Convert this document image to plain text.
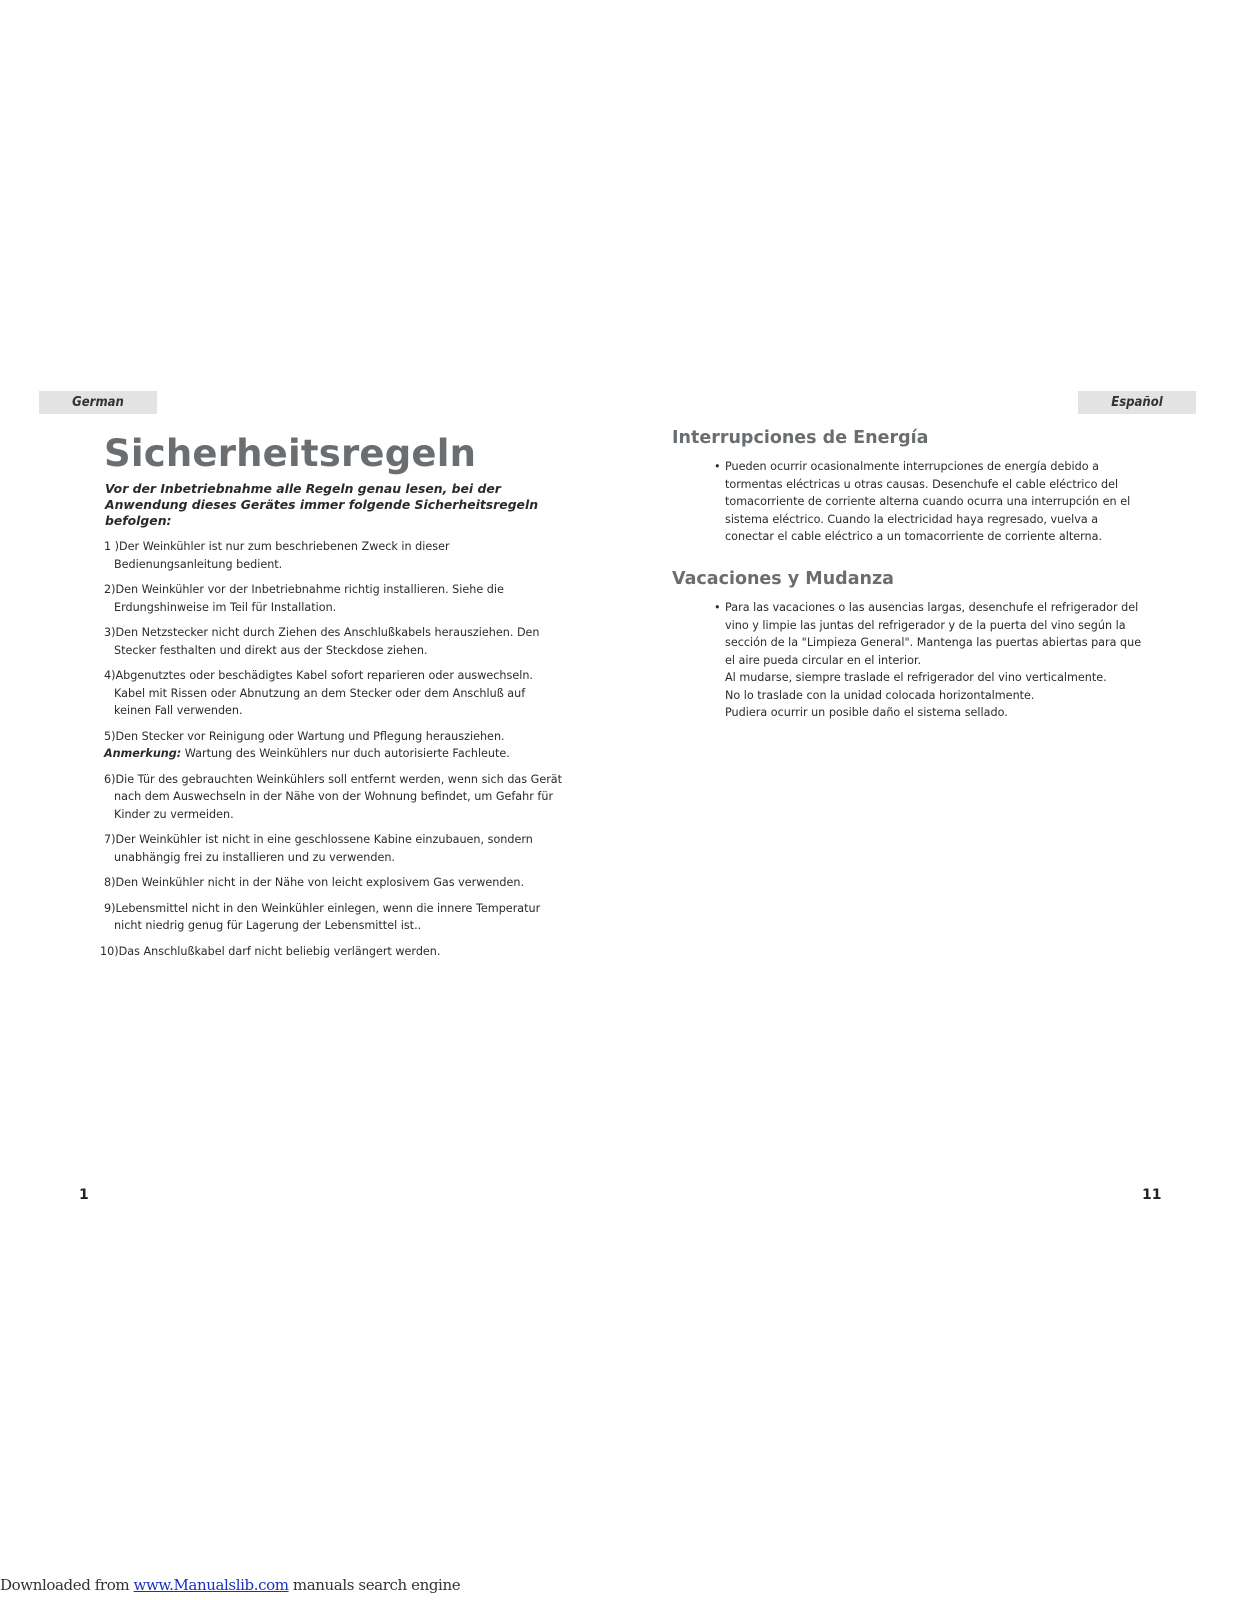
German	Español
Sicherheitsregeln

Vor der Inbetriebnahme alle Regeln genau lesen, bei der Anwendung dieses Gerätes immer folgende Sicherheitsregeln befolgen:

1 )Der Weinkühler ist nur zum beschriebenen Zweck in dieser Bedienungsanleitung bedient.
2)Den Weinkühler vor der Inbetriebnahme richtig installieren. Siehe die Erdungshinweise im Teil für Installation.
3)Den Netzstecker nicht durch Ziehen des Anschlußkabels herausziehen. Den Stecker festhalten und direkt aus der Steckdose ziehen.
4)Abgenutztes oder beschädigtes Kabel sofort reparieren oder auswechseln. Kabel mit Rissen oder Abnutzung an dem Stecker oder dem Anschluß auf keinen Fall verwenden.
5)Den Stecker vor Reinigung oder Wartung und Pflegung herausziehen.
Anmerkung: Wartung des Weinkühlers nur duch autorisierte Fachleute.
6)Die Tür des gebrauchten Weinkühlers soll entfernt werden, wenn sich das Gerät nach dem Auswechseln in der Nähe von der Wohnung befindet, um Gefahr für Kinder zu vermeiden.
7)Der Weinkühler ist nicht in eine geschlossene Kabine einzubauen, sondern unabhängig frei zu installieren und zu verwenden.
8)Den Weinkühler nicht in der Nähe von leicht explosivem Gas verwenden.
9)Lebensmittel nicht in den Weinkühler einlegen, wenn die innere Temperatur nicht niedrig genug für Lagerung der Lebensmittel ist..
10)Das Anschlußkabel darf nicht beliebig verlängert werden.
Interrupciones de Energía
• Pueden ocurrir ocasionalmente interrupciones de energía debido a tormentas eléctricas u otras causas. Desenchufe el cable eléctrico del tomacorriente de corriente alterna cuando ocurra una interrupción en el sistema eléctrico. Cuando la electricidad haya regresado, vuelva a conectar el cable eléctrico a un tomacorriente de corriente alterna.

Vacaciones y Mudanza
• Para las vacaciones o las ausencias largas, desenchufe el refrigerador del vino y limpie las juntas del refrigerador y de la puerta del vino según la sección de la "Limpieza General". Mantenga las puertas abiertas para que el aire pueda circular en el interior.

Al mudarse, siempre traslade el refrigerador del vino verticalmente.

No lo traslade con la unidad colocada horizontalmente.

Pudiera ocurrir un posible daño el sistema sellado.

1	11
Downloaded from www.Manualslib.com manuals search engine
